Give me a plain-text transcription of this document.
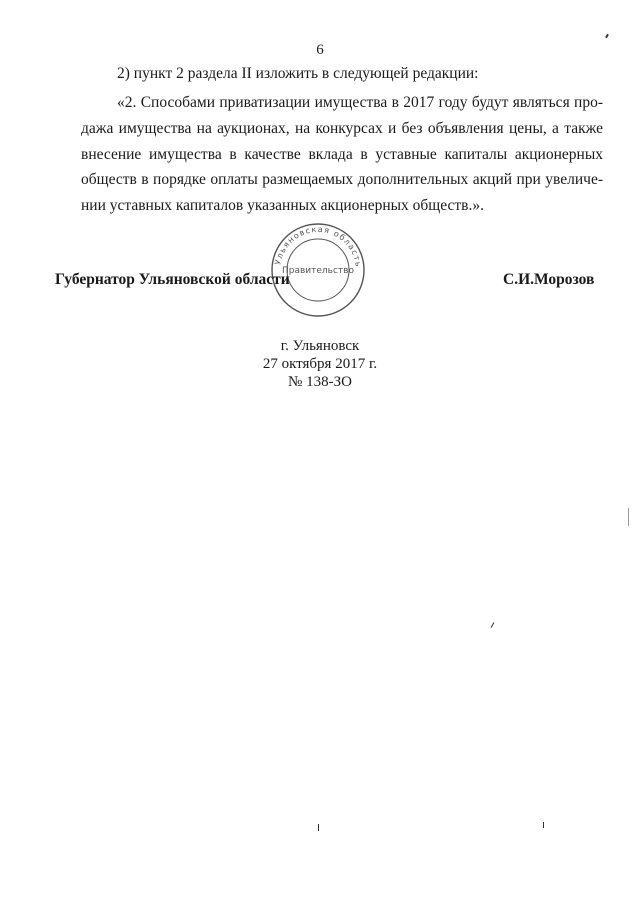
6
2) пункт 2 раздела II изложить в следующей редакции:
«2. Способами приватизации имущества в 2017 году будут являться про-
дажа имущества на аукционах, на конкурсах и без объявления цены, а также
внесение имущества в качестве вклада в уставные капиталы акционерных
обществ в порядке оплаты размещаемых дополнительных акций при увеличе-
нии уставных капиталов указанных акционерных обществ.».
Ульяновская область
Правительство
Губернатор Ульяновской области	С.И.Морозов
г. Ульяновск
27 октября 2017 г.
№ 138-ЗО
